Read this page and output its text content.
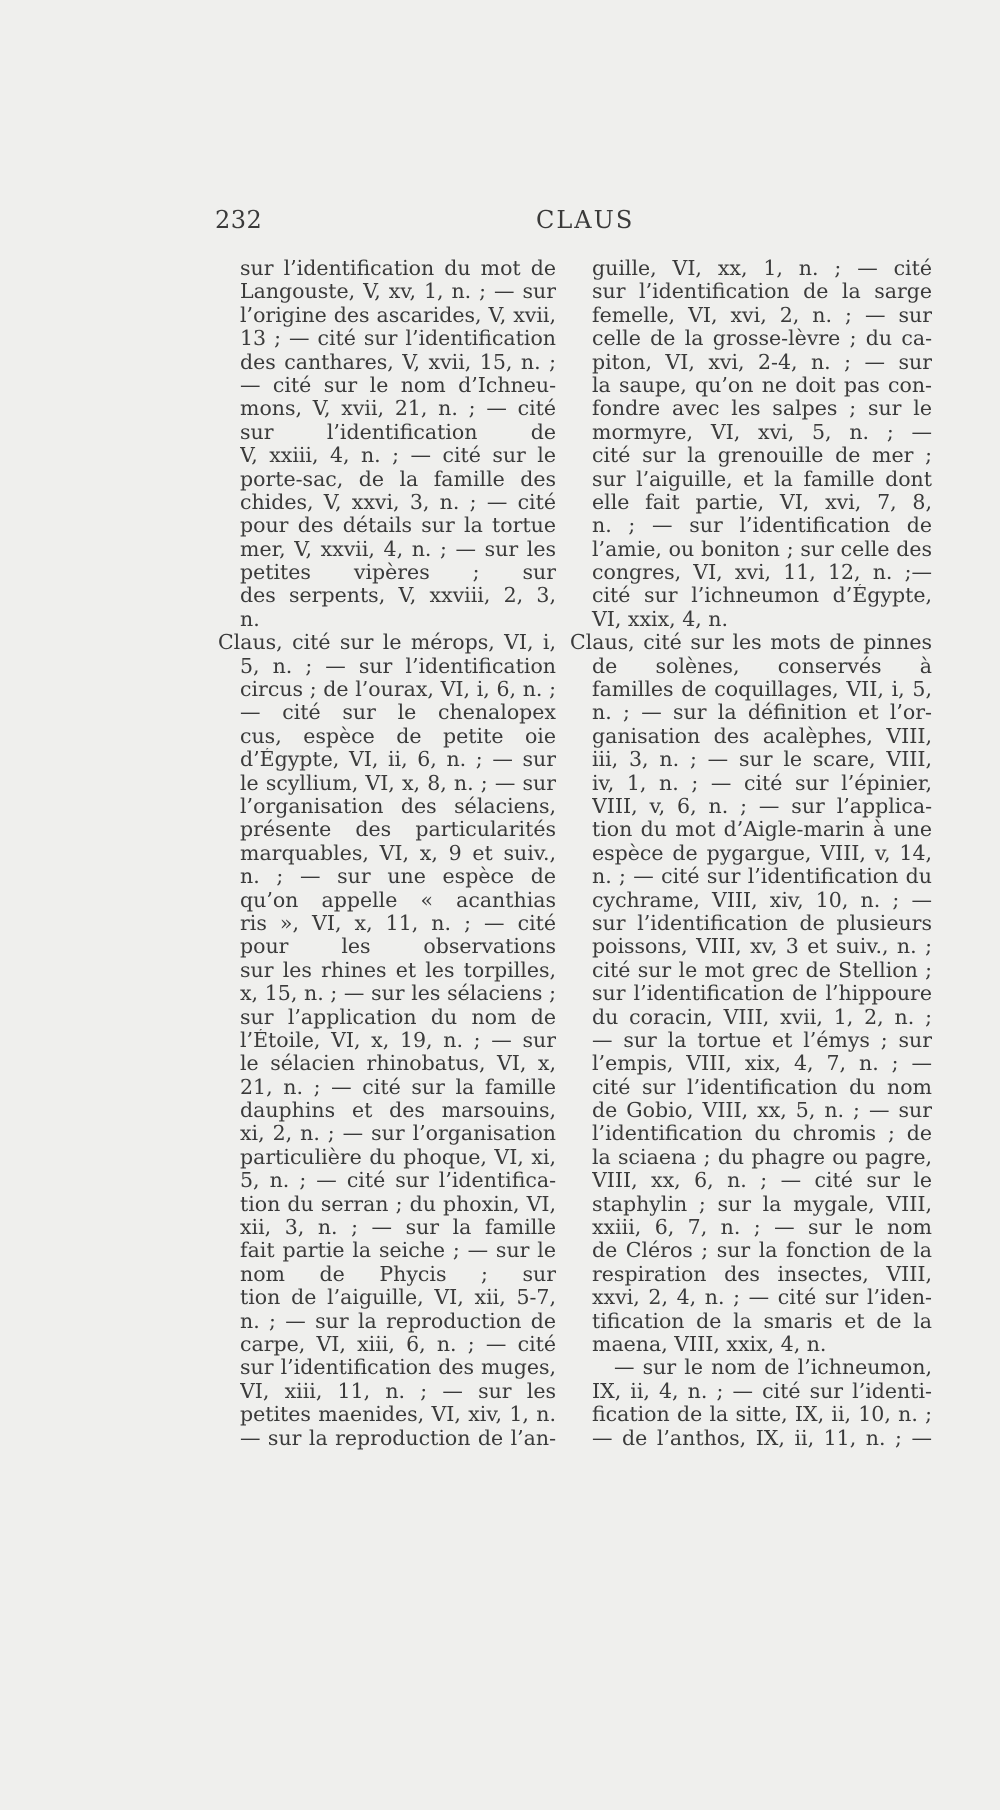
232	CLAUS
sur l’identification du mot de
Langouste, V, xv, 1, n. ; — sur
l’origine des ascarides, V, xvii,
13 ; — cité sur l’identification
des canthares, V, xvii, 15, n. ;
— cité sur le nom d’Ichneu-
mons, V, xvii, 21, n. ; — cité
sur l’identification de
V, xxiii, 4, n. ; — cité sur le
porte-sac, de la famille des
chides, V, xxvi, 3, n. ; — cité
pour des détails sur la tortue
mer, V, xxvii, 4, n. ; — sur les
petites vipères ; sur
des serpents, V, xxviii, 2, 3,
n.
Claus, cité sur le mérops, VI, i,
5, n. ; — sur l’identification
circus ; de l’ourax, VI, i, 6, n. ;
— cité sur le chenalopex
cus, espèce de petite oie
d’Égypte, VI, ii, 6, n. ; — sur
le scyllium, VI, x, 8, n. ; — sur
l’organisation des sélaciens,
présente des particularités
marquables, VI, x, 9 et suiv.,
n. ; — sur une espèce de
qu’on appelle « acanthias
ris », VI, x, 11, n. ; — cité
pour les observations
sur les rhines et les torpilles,
x, 15, n. ; — sur les sélaciens ;
sur l’application du nom de
l’Étoile, VI, x, 19, n. ; — sur
le sélacien rhinobatus, VI, x,
21, n. ; — cité sur la famille
dauphins et des marsouins,
xi, 2, n. ; — sur l’organisation
particulière du phoque, VI, xi,
5, n. ; — cité sur l’identifica-
tion du serran ; du phoxin, VI,
xii, 3, n. ; — sur la famille
fait partie la seiche ; — sur le
nom de Phycis ; sur
tion de l’aiguille, VI, xii, 5-7,
n. ; — sur la reproduction de
carpe, VI, xiii, 6, n. ; — cité
sur l’identification des muges,
VI, xiii, 11, n. ; — sur les
petites maenides, VI, xiv, 1, n.
— sur la reproduction de l’an-
guille, VI, xx, 1, n. ; — cité
sur l’identification de la sarge
femelle, VI, xvi, 2, n. ; — sur
celle de la grosse-lèvre ; du ca-
piton, VI, xvi, 2-4, n. ; — sur
la saupe, qu’on ne doit pas con-
fondre avec les salpes ; sur le
mormyre, VI, xvi, 5, n. ; —
cité sur la grenouille de mer ;
sur l’aiguille, et la famille dont
elle fait partie, VI, xvi, 7, 8,
n. ; — sur l’identification de
l’amie, ou boniton ; sur celle des
congres, VI, xvi, 11, 12, n. ;—
cité sur l’ichneumon d’Égypte,
VI, xxix, 4, n.
Claus, cité sur les mots de pinnes
de solènes, conservés à
familles de coquillages, VII, i, 5,
n. ; — sur la définition et l’or-
ganisation des acalèphes, VIII,
iii, 3, n. ; — sur le scare, VIII,
iv, 1, n. ; — cité sur l’épinier,
VIII, v, 6, n. ; — sur l’applica-
tion du mot d’Aigle-marin à une
espèce de pygargue, VIII, v, 14,
n. ; — cité sur l’identification du
cychrame, VIII, xiv, 10, n. ; —
sur l’identification de plusieurs
poissons, VIII, xv, 3 et suiv., n. ;
cité sur le mot grec de Stellion ;
sur l’identification de l’hippoure
du coracin, VIII, xvii, 1, 2, n. ;
— sur la tortue et l’émys ; sur
l’empis, VIII, xix, 4, 7, n. ; —
cité sur l’identification du nom
de Gobio, VIII, xx, 5, n. ; — sur
l’identification du chromis ; de
la sciaena ; du phagre ou pagre,
VIII, xx, 6, n. ; — cité sur le
staphylin ; sur la mygale, VIII,
xxiii, 6, 7, n. ; — sur le nom
de Cléros ; sur la fonction de la
respiration des insectes, VIII,
xxvi, 2, 4, n. ; — cité sur l’iden-
tification de la smaris et de la
maena, VIII, xxix, 4, n.
— sur le nom de l’ichneumon,
IX, ii, 4, n. ; — cité sur l’identi-
fication de la sitte, IX, ii, 10, n. ;
— de l’anthos, IX, ii, 11, n. ; —
